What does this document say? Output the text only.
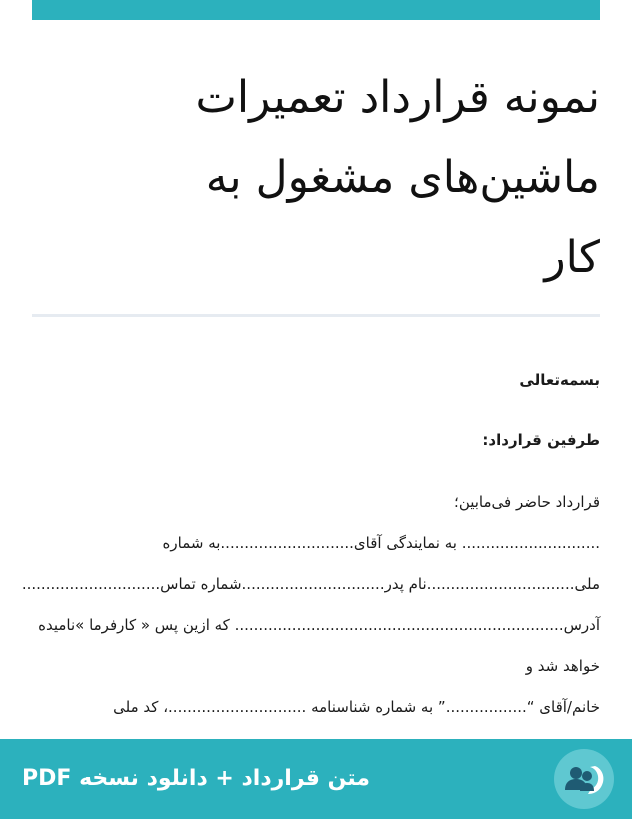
نمونه قرارداد تعمیرات
ماشین‌های مشغول به
کار
بسمه‌تعالی
طرفین قرارداد:
قرارداد حاضر فی‌مابین؛
............................. به نمایندگی آقای............................به شماره
ملی...............................نام پدر..............................شماره تماس.............................
آدرس..................................................................... که ازین پس « کارفرما »نامیده
خواهد شد و
خانم/آقای “.................” به شماره شناسنامه .............................، کد ملی
متن قرارداد + دانلود نسخه PDF
